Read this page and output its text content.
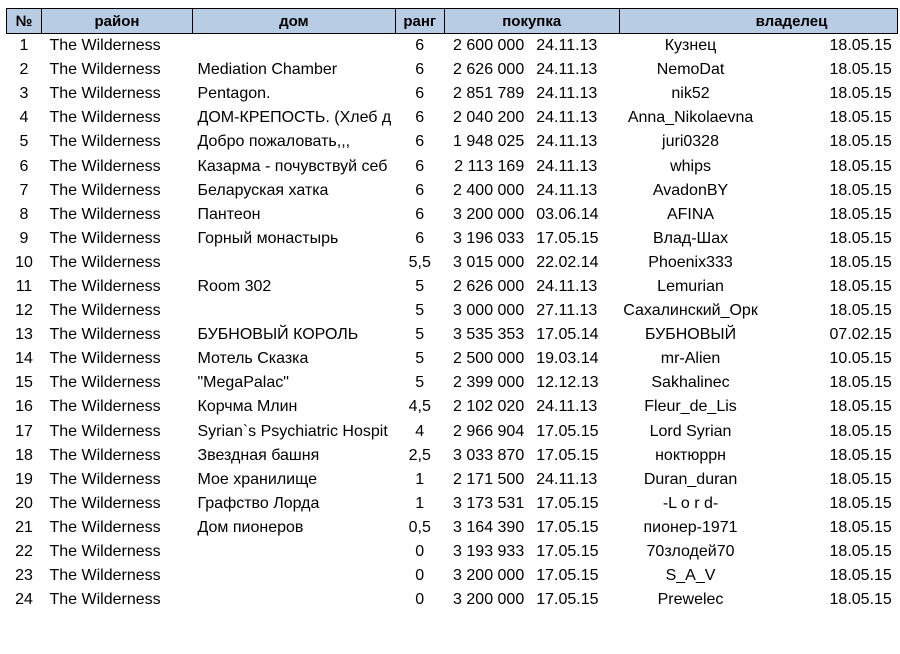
№	район	дом	ранг	покупка		владелец	
1	The Wilderness		6	2 600 000	24.11.13	Кузнец	18.05.15
2	The Wilderness	Mediation Chamber	6	2 626 000	24.11.13	NemoDat	18.05.15
3	The Wilderness	Pentagon.	6	2 851 789	24.11.13	nik52	18.05.15
4	The Wilderness	ДОМ-КРЕПОСТЬ. (Хлеб д	6	2 040 200	24.11.13	Anna_Nikolaevna	18.05.15
5	The Wilderness	Добро пожаловать,,,	6	1 948 025	24.11.13	juri0328	18.05.15
6	The Wilderness	Казарма - почувствуй себ	6	2 113 169	24.11.13	whips	18.05.15
7	The Wilderness	Беларуская хатка	6	2 400 000	24.11.13	AvadonBY	18.05.15
8	The Wilderness	Пантеон	6	3 200 000	03.06.14	AFINA	18.05.15
9	The Wilderness	Горный монастырь	6	3 196 033	17.05.15	Влад-Шах	18.05.15
10	The Wilderness		5,5	3 015 000	22.02.14	Phoenix333	18.05.15
11	The Wilderness	Room 302	5	2 626 000	24.11.13	Lemurian	18.05.15
12	The Wilderness		5	3 000 000	27.11.13	Сахалинский_Орк	18.05.15
13	The Wilderness	БУБНОВЫЙ КОРОЛЬ	5	3 535 353	17.05.14	БУБНОВЫЙ	07.02.15
14	The Wilderness	Мотель Сказка	5	2 500 000	19.03.14	mr-Alien	10.05.15
15	The Wilderness	"MegaPalac"	5	2 399 000	12.12.13	Sakhalinec	18.05.15
16	The Wilderness	Корчма Млин	4,5	2 102 020	24.11.13	Fleur_de_Lis	18.05.15
17	The Wilderness	Syrian`s Psychiatric Hospit	4	2 966 904	17.05.15	Lord Syrian	18.05.15
18	The Wilderness	Звездная башня	2,5	3 033 870	17.05.15	ноктюррн	18.05.15
19	The Wilderness	Мое хранилище	1	2 171 500	24.11.13	Duran_duran	18.05.15
20	The Wilderness	Графство Лорда	1	3 173 531	17.05.15	-L o r d-	18.05.15
21	The Wilderness	Дом пионеров	0,5	3 164 390	17.05.15	пионер-1971	18.05.15
22	The Wilderness		0	3 193 933	17.05.15	70злодей70	18.05.15
23	The Wilderness		0	3 200 000	17.05.15	S_A_V	18.05.15
24	The Wilderness		0	3 200 000	17.05.15	Prewelec	18.05.15
